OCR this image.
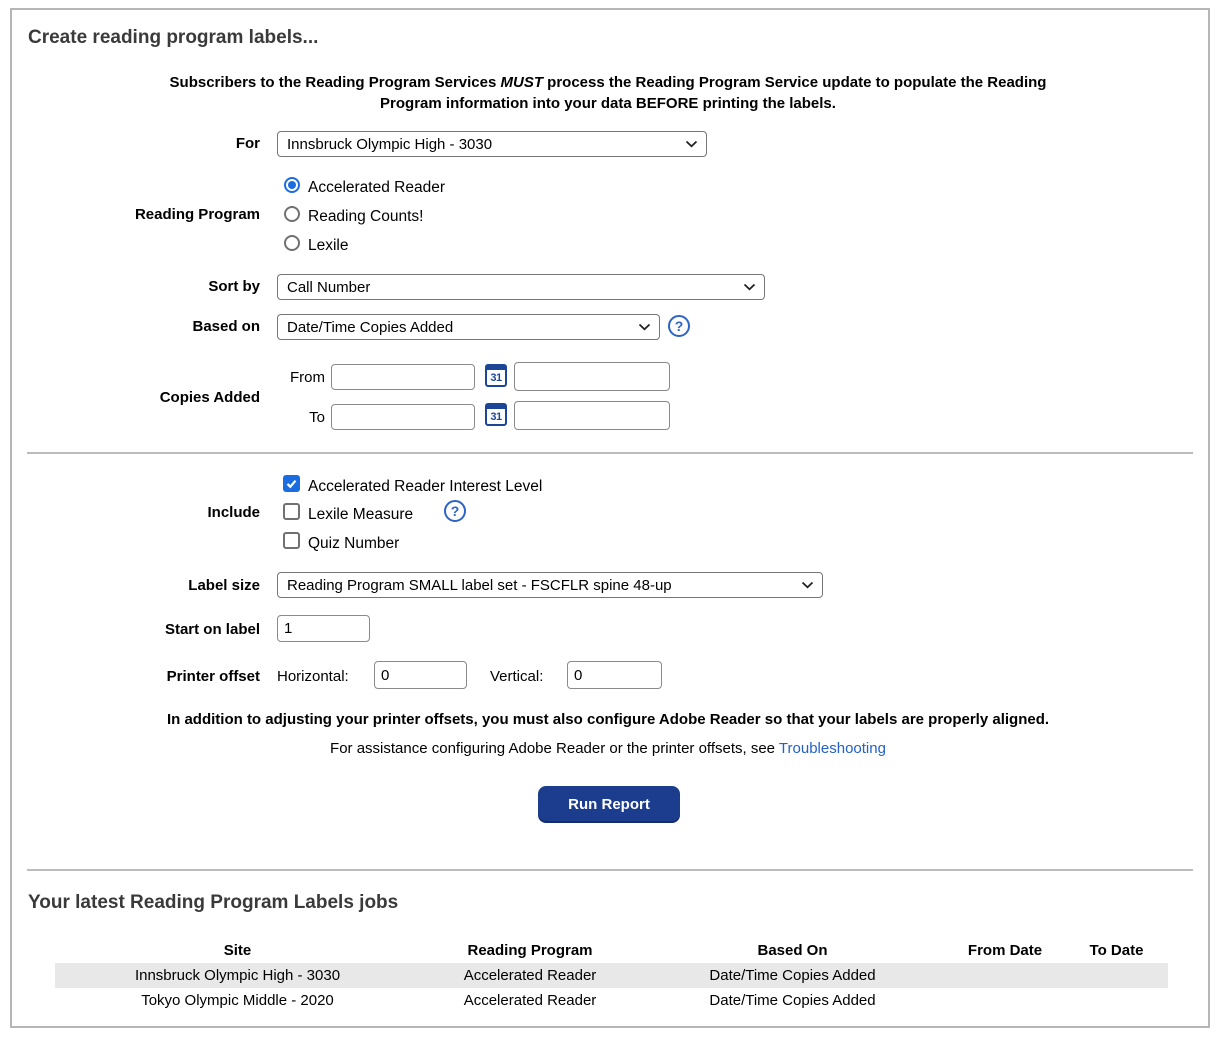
Create reading program labels...
Subscribers to the Reading Program Services MUST process the Reading Program Service update to populate the Reading
Program information into your data BEFORE printing the labels.
For Innsbruck Olympic High - 3030
Reading Program
Accelerated Reader
Reading Counts!
Lexile
Sort by Call Number
Based on Date/Time Copies Added	?
Copies Added
From	31
To	31
Include
Accelerated Reader Interest Level
Lexile Measure	?
Quiz Number
Label size Reading Program SMALL label set - FSCFLR spine 48-up
Start on label
1
Printer offset Horizontal:
0	Vertical:
0
In addition to adjusting your printer offsets, you must also configure Adobe Reader so that your labels are properly aligned.
For assistance configuring Adobe Reader or the printer offsets, see Troubleshooting
Run Report
Your latest Reading Program Labels jobs
Site	Reading Program	Based On	From Date	To Date
Innsbruck Olympic High - 3030	Accelerated Reader	Date/Time Copies Added
Tokyo Olympic Middle - 2020	Accelerated Reader	Date/Time Copies Added
